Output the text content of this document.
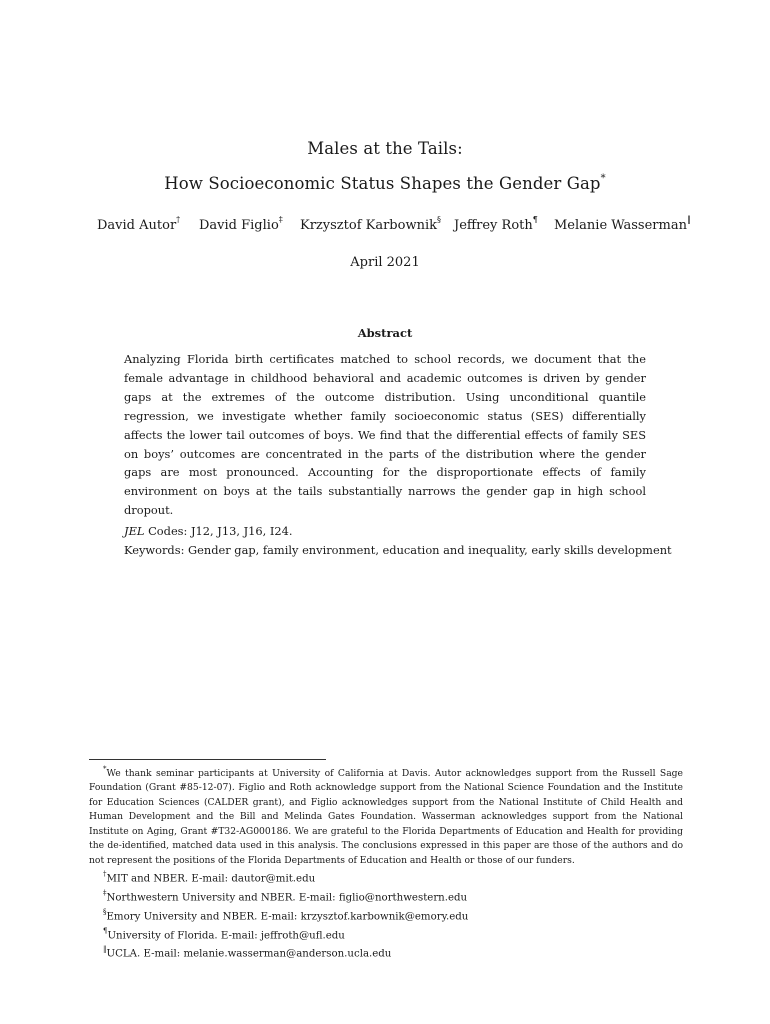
Males at the Tails:
How Socioeconomic Status Shapes the Gender Gap*
David Autor† David Figlio‡ Krzysztof Karbownik§ Jeffrey Roth¶ Melanie Wasserman‖
April 2021
Abstract
Analyzing Florida birth certificates matched to school records, we document that the female advantage in childhood behavioral and academic outcomes is driven by gender gaps at the extremes of the outcome distribution. Using unconditional quantile regression, we investigate whether family socioeconomic status (SES) differentially affects the lower tail outcomes of boys. We find that the differential effects of family SES on boys’ outcomes are concentrated in the parts of the distribution where the gender gaps are most pronounced. Accounting for the disproportionate effects of family environment on boys at the tails substantially narrows the gender gap in high school dropout.
JEL Codes: J12, J13, J16, I24.
Keywords: Gender gap, family environment, education and inequality, early skills development

*We thank seminar participants at University of California at Davis. Autor acknowledges support from the Russell Sage Foundation (Grant #85-12-07). Figlio and Roth acknowledge support from the National Science Foundation and the Institute for Education Sciences (CALDER grant), and Figlio acknowledges support from the National Institute of Child Health and Human Development and the Bill and Melinda Gates Foundation. Wasserman acknowledges support from the National Institute on Aging, Grant #T32-AG000186. We are grateful to the Florida Departments of Education and Health for providing the de-identified, matched data used in this analysis. The conclusions expressed in this paper are those of the authors and do not represent the positions of the Florida Departments of Education and Health or those of our funders.

†MIT and NBER. E-mail: dautor@mit.edu

‡Northwestern University and NBER. E-mail: figlio@northwestern.edu

§Emory University and NBER. E-mail: krzysztof.karbownik@emory.edu

¶University of Florida. E-mail: jeffroth@ufl.edu

‖UCLA. E-mail: melanie.wasserman@anderson.ucla.edu
